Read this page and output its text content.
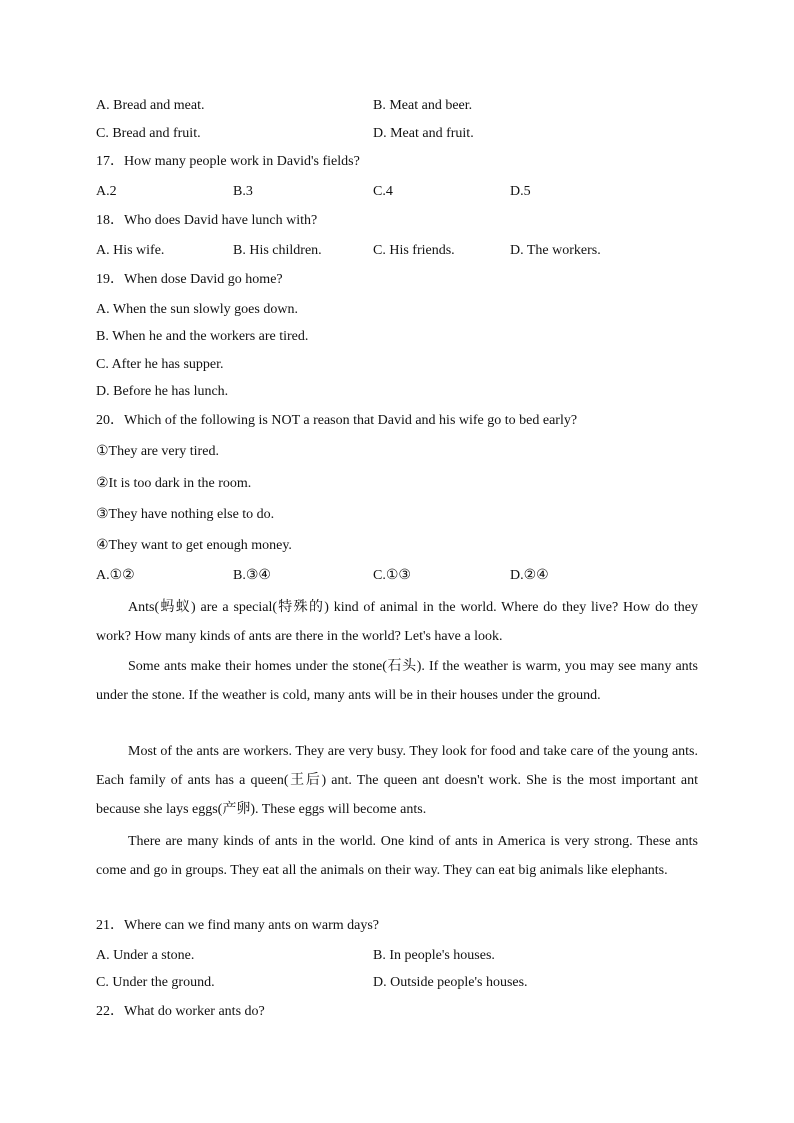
A. Bread and meat.	B. Meat and beer.
C. Bread and fruit.	D. Meat and fruit.
17．How many people work in David's fields?
A.2	B.3	C.4	D.5
18．Who does David have lunch with?
A. His wife.	B. His children.	C. His friends.	D. The workers.
19．When dose David go home?
A. When the sun slowly goes down.
B. When he and the workers are tired.
C. After he has supper.
D. Before he has lunch.
20．Which of the following is NOT a reason that David and his wife go to bed early?
①They are very tired.
②It is too dark in the room.
③They have nothing else to do.
④They want to get enough money.
A.①②	B.③④	C.①③	D.②④
Ants(蚂蚁) are a special(特殊的) kind of animal in the world. Where do they live? How do they work? How many kinds of ants are there in the world? Let's have a look.
Some ants make their homes under the stone(石头). If the weather is warm, you may see many ants under the stone. If the weather is cold, many ants will be in their houses under the ground.
Most of the ants are workers. They are very busy. They look for food and take care of the young ants. Each family of ants has a queen(王后) ant. The queen ant doesn't work. She is the most important ant because she lays eggs(产卵). These eggs will become ants.
There are many kinds of ants in the world. One kind of ants in America is very strong. These ants come and go in groups. They eat all the animals on their way. They can eat big animals like elephants.
21．Where can we find many ants on warm days?
A. Under a stone.	B. In people's houses.
C. Under the ground.	D. Outside people's houses.
22．What do worker ants do?
